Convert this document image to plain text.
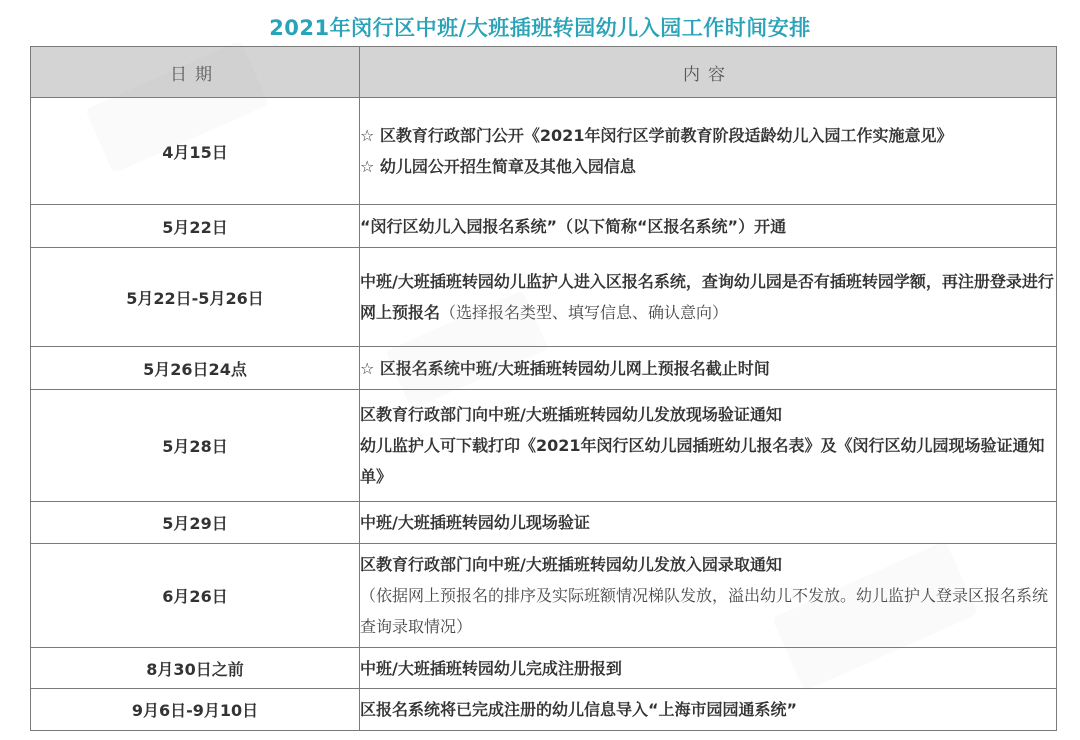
2021年闵行区中班/大班插班转园幼儿入园工作时间安排
日期	内容
4月15日	☆ 区教育行政部门公开《2021年闵行区学前教育阶段适龄幼儿入园工作实施意见》
☆ 幼儿园公开招生简章及其他入园信息

5月22日	“闵行区幼儿入园报名系统”（以下简称“区报名系统”）开通

5月22日-5月26日	中班/大班插班转园幼儿监护人进入区报名系统，查询幼儿园是否有插班转园学额，再注册登录进行网上预报名（选择报名类型、填写信息、确认意向）

5月26日24点	☆ 区报名系统中班/大班插班转园幼儿网上预报名截止时间

5月28日	区教育行政部门向中班/大班插班转园幼儿发放现场验证通知
幼儿监护人可下载打印《2021年闵行区幼儿园插班幼儿报名表》及《闵行区幼儿园现场验证通知单》

5月29日	中班/大班插班转园幼儿现场验证

6月26日	区教育行政部门向中班/大班插班转园幼儿发放入园录取通知
（依据网上预报名的排序及实际班额情况梯队发放，溢出幼儿不发放。幼儿监护人登录区报名系统查询录取情况）

8月30日之前	中班/大班插班转园幼儿完成注册报到

9月6日-9月10日	区报名系统将已完成注册的幼儿信息导入“上海市园园通系统”
